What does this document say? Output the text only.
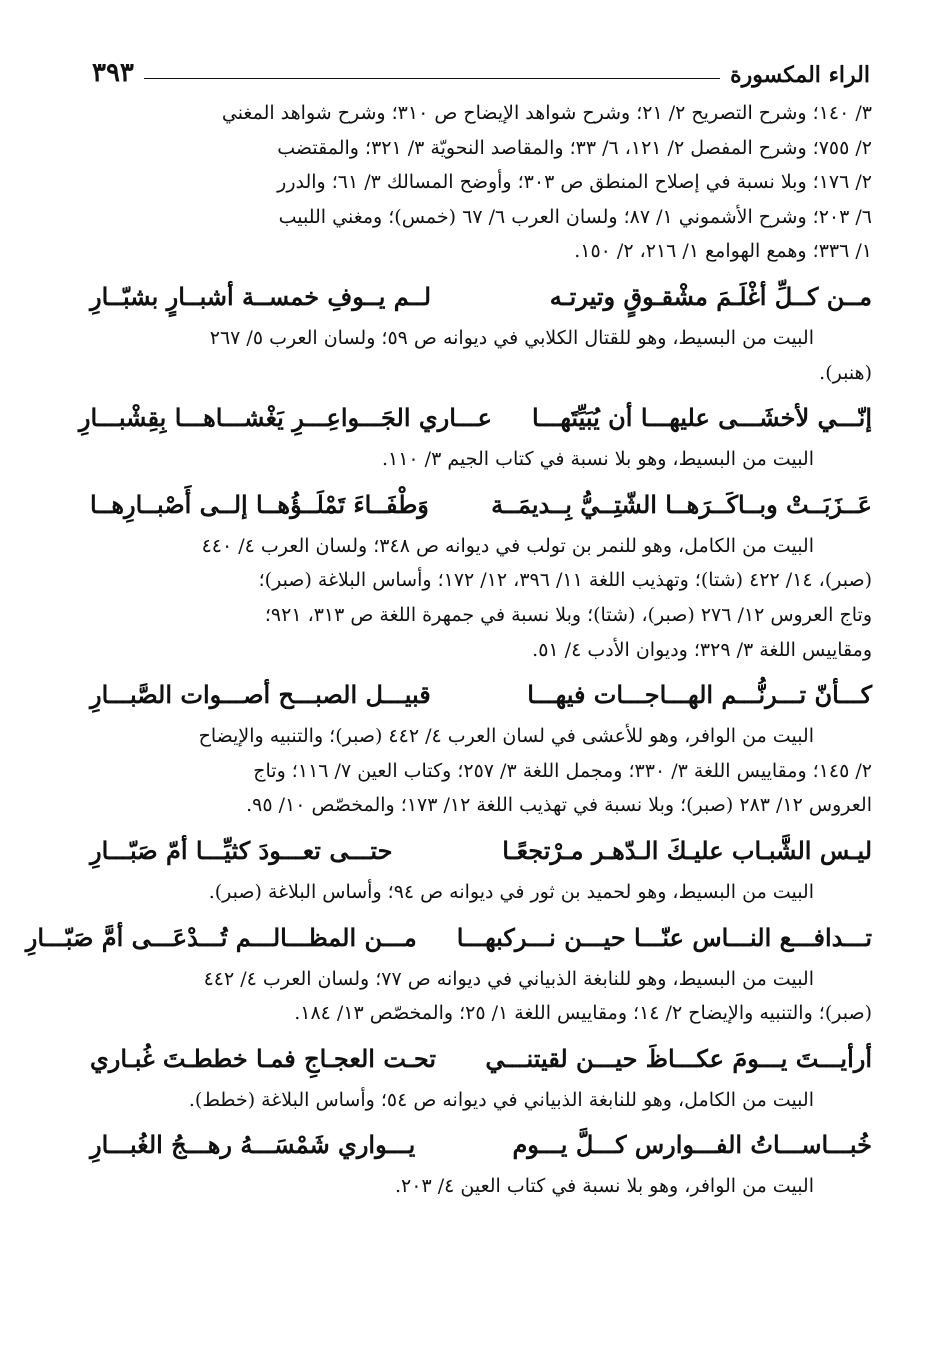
الراء المكسورة
٣٩٣

٣/ ١٤٠؛ وشرح التصريح ٢/ ٢١؛ وشرح شواهد الإيضاح ص ٣١٠؛ وشرح شواهد المغني

٢/ ٧٥٥؛ وشرح المفصل ٢/ ١٢١، ٦/ ٣٣؛ والمقاصد النحويّة ٣/ ٣٢١؛ والمقتضب

٢/ ١٧٦؛ وبلا نسبة في إصلاح المنطق ص ٣٠٣؛ وأوضح المسالك ٣/ ٦١؛ والدرر

٦/ ٢٠٣؛ وشرح الأشموني ١/ ٨٧؛ ولسان العرب ٦/ ٦٧ (خمس)؛ ومغني اللبيب

١/ ٣٣٦؛ وهمع الهوامع ١/ ٢١٦، ٢/ ١٥٠.

مــن كــلِّ أغْلَـمَ مشْقـوقٍ وتيرتـه
لــم يــوفِ خمســة أشبــارٍ بشبّــارِ

البيت من البسيط، وهو للقتال الكلابي في ديوانه ص ٥٩؛ ولسان العرب ٥/ ٢٦٧

(هنبر).

إنّـــي لأخشَـــى عليهـــا أن يُبَيِّتَهـــا
عـــاري الجَـــواعِـــرِ يَغْشـــاهـــا بِقِشْبـــارِ

البيت من البسيط، وهو بلا نسبة في كتاب الجيم ٣/ ١١٠.

عَــزَبَــتْ وبــاكَــرَهــا الشّتِــيُّ بِــديمَــة
وَطْفَــاءَ تَمْلَــؤُهــا إلــى أَصْبــارِهــا

البيت من الكامل، وهو للنمر بن تولب في ديوانه ص ٣٤٨؛ ولسان العرب ٤/ ٤٤٠

(صبر)، ١٤/ ٤٢٢ (شتا)؛ وتهذيب اللغة ١١/ ٣٩٦، ١٢/ ١٧٢؛ وأساس البلاغة (صبر)؛

وتاج العروس ١٢/ ٢٧٦ (صبر)، (شتا)؛ وبلا نسبة في جمهرة اللغة ص ٣١٣، ٩٢١؛

ومقاييس اللغة ٣/ ٣٢٩؛ وديوان الأدب ٤/ ٥١.

كـــأنّ تـــرنُّـــم الهـــاجـــات فيهـــا
قبيـــل الصبـــح أصـــوات الصَّبـــارِ

البيت من الوافر، وهو للأعشى في لسان العرب ٤/ ٤٤٢ (صبر)؛ والتنبيه والإيضاح

٢/ ١٤٥؛ ومقاييس اللغة ٣/ ٣٣٠؛ ومجمل اللغة ٣/ ٢٥٧؛ وكتاب العين ٧/ ١١٦؛ وتاج

العروس ١٢/ ٢٨٣ (صبر)؛ وبلا نسبة في تهذيب اللغة ١٢/ ١٧٣؛ والمخصّص ١٠/ ٩٥.

ليـس الشَّبـاب عليـكَ الـدّهـر مـرْتجعًـا
حتـــى تعـــودَ كثيِّـــا أمّ صَبّـــارِ

البيت من البسيط، وهو لحميد بن ثور في ديوانه ص ٩٤؛ وأساس البلاغة (صبر).

تـــدافـــع النـــاس عنّـــا حيـــن نـــركبهـــا
مـــن المظـــالـــم تُـــدْعَـــى أمَّ صَبّـــارِ

البيت من البسيط، وهو للنابغة الذبياني في ديوانه ص ٧٧؛ ولسان العرب ٤/ ٤٤٢

(صبر)؛ والتنبيه والإيضاح ٢/ ١٤؛ ومقاييس اللغة ١/ ٢٥؛ والمخصّص ١٣/ ١٨٤.

أرأيـــتَ يـــومَ عكـــاظَ حيـــن لقيتنـــي
تحـت العجـاجِ فمـا خططـتَ غُبـاري

البيت من الكامل، وهو للنابغة الذبياني في ديوانه ص ٥٤؛ وأساس البلاغة (خطط).

خُبـــاســـاتُ الفـــوارس كـــلَّ يـــوم
يـــواري شَمْسَـــهُ رهـــجُ الغُبـــارِ

البيت من الوافر، وهو بلا نسبة في كتاب العين ٤/ ٢٠٣.
